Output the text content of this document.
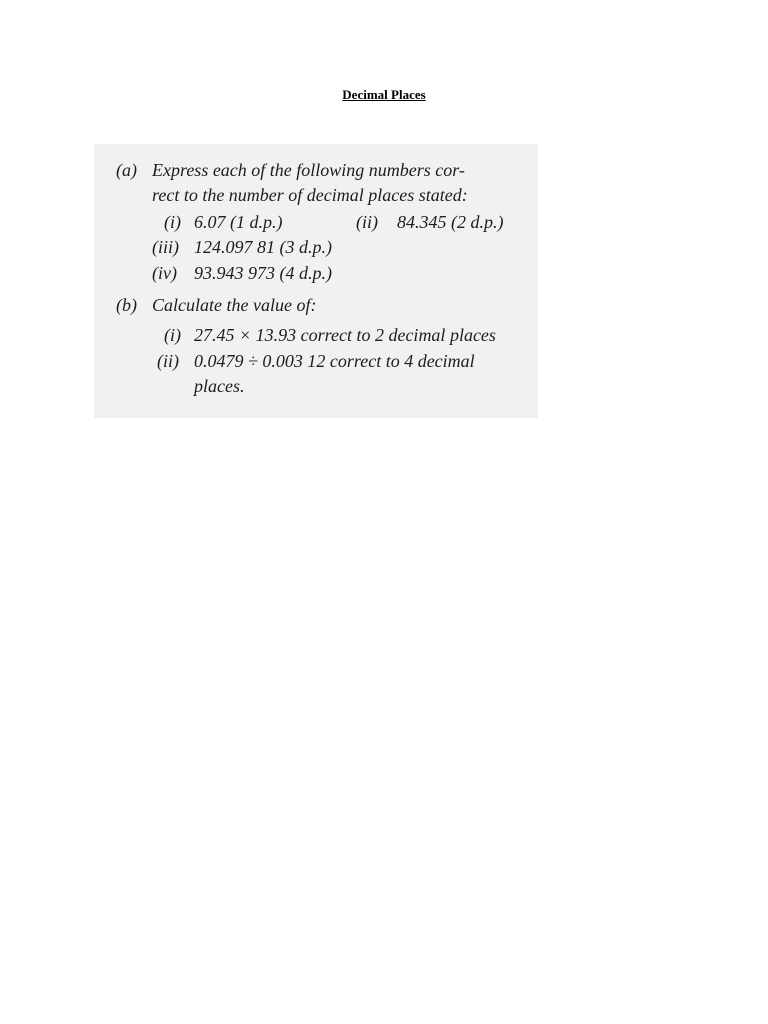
Decimal Places
(a) Express each of the following numbers cor-
rect to the number of decimal places stated:
(i) 6.07 (1 d.p.)	(ii) 84.345 (2 d.p.)
(iii) 124.097 81 (3 d.p.)
(iv) 93.943 973 (4 d.p.)
(b) Calculate the value of:
(i) 27.45 × 13.93 correct to 2 decimal places
(ii) 0.0479 ÷ 0.003 12 correct to 4 decimal
places.
